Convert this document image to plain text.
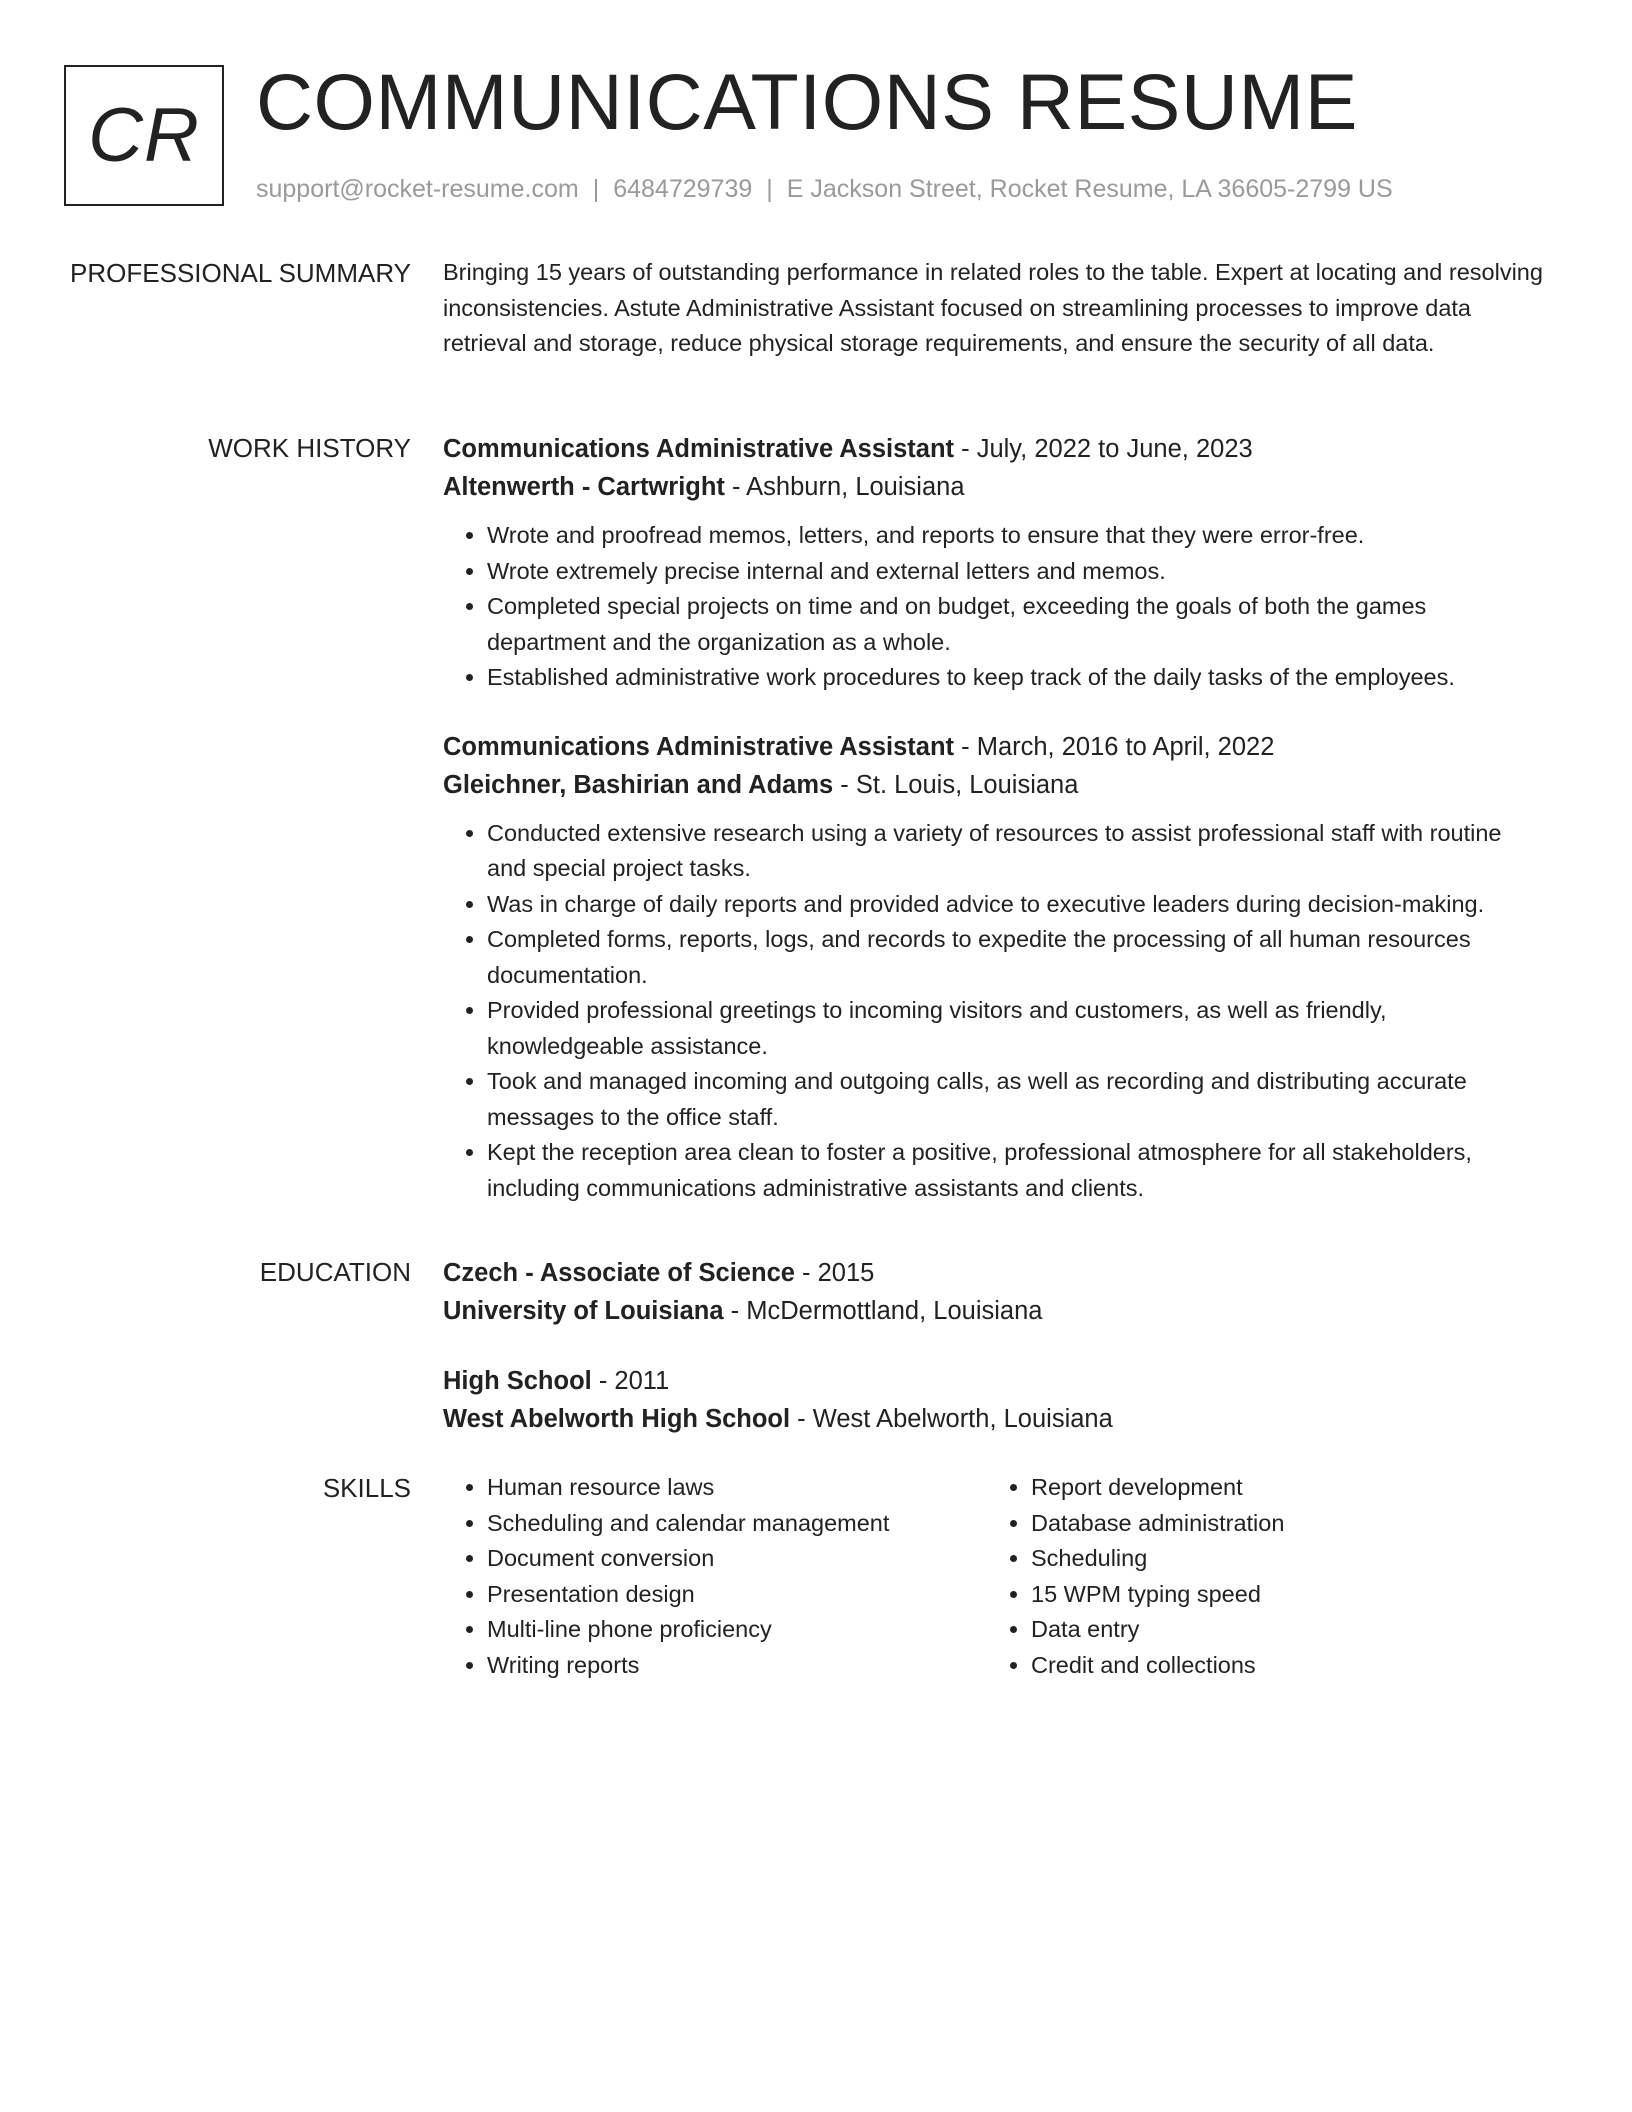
CR COMMUNICATIONS RESUME
support@rocket-resume.com | 6484729739 | E Jackson Street, Rocket Resume, LA 36605-2799 US
PROFESSIONAL SUMMARY Bringing 15 years of outstanding performance in related roles to the table. Expert at locating and resolving inconsistencies. Astute Administrative Assistant focused on streamlining processes to improve data retrieval and storage, reduce physical storage requirements, and ensure the security of all data.

WORK HISTORY Communications Administrative Assistant - July, 2022 to June, 2023
Altenwerth - Cartwright - Ashburn, Louisiana
• Wrote and proofread memos, letters, and reports to ensure that they were error-free.
• Wrote extremely precise internal and external letters and memos.
• Completed special projects on time and on budget, exceeding the goals of both the games department and the organization as a whole.
• Established administrative work procedures to keep track of the daily tasks of the employees.
Communications Administrative Assistant - March, 2016 to April, 2022
Gleichner, Bashirian and Adams - St. Louis, Louisiana
• Conducted extensive research using a variety of resources to assist professional staff with routine and special project tasks.
• Was in charge of daily reports and provided advice to executive leaders during decision-making.
• Completed forms, reports, logs, and records to expedite the processing of all human resources documentation.
• Provided professional greetings to incoming visitors and customers, as well as friendly, knowledgeable assistance.
• Took and managed incoming and outgoing calls, as well as recording and distributing accurate messages to the office staff.
• Kept the reception area clean to foster a positive, professional atmosphere for all stakeholders, including communications administrative assistants and clients.
EDUCATION Czech - Associate of Science - 2015
University of Louisiana - McDermottland, Louisiana
High School - 2011
West Abelworth High School - West Abelworth, Louisiana
SKILLS
•	Human resource laws
• Scheduling and calendar management
• Document conversion
• Presentation design
• Multi-line phone proficiency
• Writing reports
• Report development
• Database administration
• Scheduling
• 15 WPM typing speed
• Data entry
• Credit and collections
